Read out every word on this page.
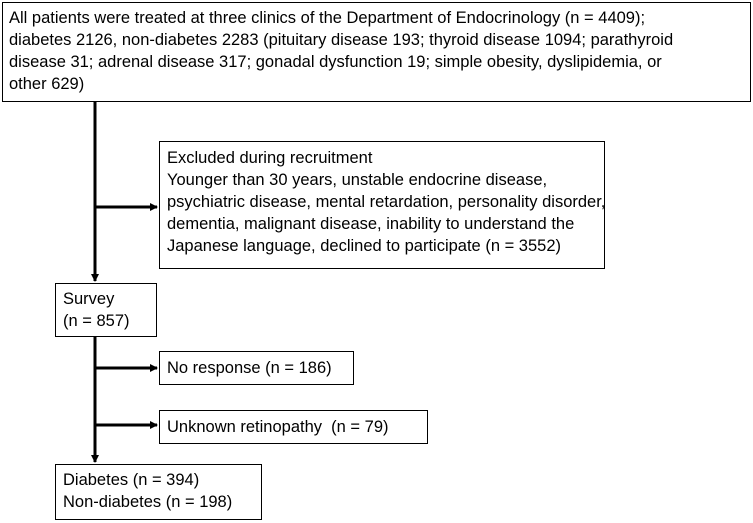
All patients were treated at three clinics of the Department of Endocrinology (n = 4409);
diabetes 2126, non-diabetes 2283 (pituitary disease 193; thyroid disease 1094; parathyroid
disease 31; adrenal disease 317; gonadal dysfunction 19; simple obesity, dyslipidemia, or
other 629)
Excluded during recruitment
Younger than 30 years, unstable endocrine disease,
psychiatric disease, mental retardation, personality disorder,
dementia, malignant disease, inability to understand the
Japanese language, declined to participate (n = 3552)
Survey
(n = 857)
No response (n = 186)
Unknown retinopathy  (n = 79)
Diabetes (n = 394)
Non-diabetes (n = 198)
